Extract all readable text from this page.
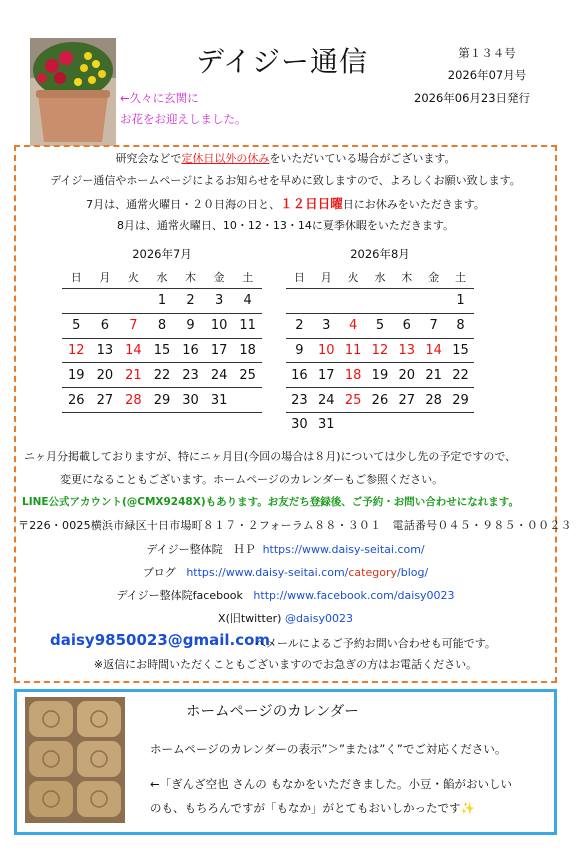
デイジー通信	第１３４号
2026年07月号
2026年06月23日発行
←久々に玄関に
お花をお迎えしました。
研究会などで定休日以外の休みをいただいている場合がございます。
デイジー通信やホームページによるお知らせを早めに致しますので、よろしくお願い致します。
7月は、通常火曜日・２０日海の日と、１２日日曜日にお休みをいただきます。
8月は、通常火曜日、10・12・13・14に夏季休暇をいただきます。
2026年7月
日	月	火	水	木	金	土
			1	2	3	4
5	6	7	8	9	10	11
12	13	14	15	16	17	18
19	20	21	22	23	24	25
26	27	28	29	30	31	
2026年8月
日	月	火	水	木	金	土
						1
2	3	4	5	6	7	8
9	10	11	12	13	14	15
16	17	18	19	20	21	22
23	24	25	26	27	28	29
30	31					
ニヶ月分掲載しておりますが、特にニヶ月目(今回の場合は８月)については少し先の予定ですので、
変更になることもございます。ホームページのカレンダーもご参照ください。
LINE公式アカウント(@CMX9248X)もあります。お友だち登録後、ご予約・お問い合わせになれます。
〒226・0025横浜市緑区十日市場町８１７・２フォーラム８８・３０１　電話番号０４５・９８５・００２３
デイジー整体院　ＨＰ https://www.daisy-seitai.com/
ブログ https://www.daisy-seitai.com/category/blog/
デイジー整体院facebook http://www.facebook.com/daisy0023
X(旧twitter) @daisy0023
daisy9850023@gmail.com
へメールによるご予約お問い合わせも可能です。
※返信にお時間いただくこともございますのでお急ぎの方はお電話ください。
ホームページのカレンダー
ホームページのカレンダーの表示”＞”または”く”でご対応ください。
←「ぎんざ空也 さんの もなかをいただきました。小豆・餡がおいしい
のも、もちろんですが「もなか」がとてもおいしかったです✨
